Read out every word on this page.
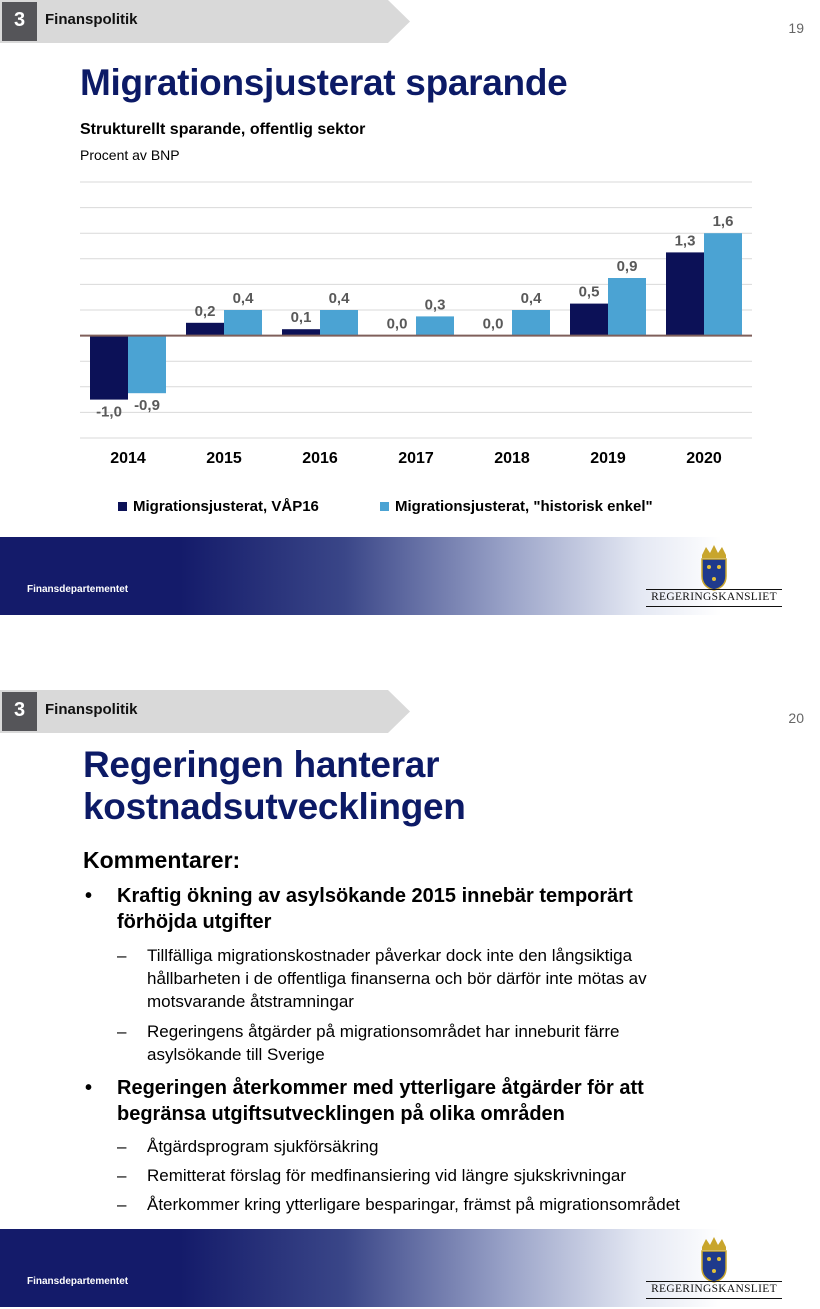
3	Finanspolitik	19
Migrationsjusterat sparande
Strukturellt sparande, offentlig sektor
Procent av BNP
-1,0 -0,9
2014
0,2
0,4
2015
0,1
0,4
2016
0,0
0,3
2017
0,0
0,4
2018
0,5
0,9
2019
1,3
1,6
2020
Migrationsjusterat, VÅP16	Migrationsjusterat, "historisk enkel"
Finansdepartementet
REGERINGSKANSLIET
3	Finanspolitik	20
Regeringen hanterar
kostnadsutvecklingen
Kommentarer:
• Kraftig ökning av asylsökande 2015 innebär temporärt
förhöjda utgifter
– Tillfälliga migrationskostnader påverkar dock inte den långsiktiga
hållbarheten i de offentliga finanserna och bör därför inte mötas av
motsvarande åtstramningar
– Regeringens åtgärder på migrationsområdet har inneburit färre
asylsökande till Sverige
• Regeringen återkommer med ytterligare åtgärder för att
begränsa utgiftsutvecklingen på olika områden
– Åtgärdsprogram sjukförsäkring
– Remitterat förslag för medfinansiering vid längre sjukskrivningar
– Återkommer kring ytterligare besparingar, främst på migrationsområdet
Finansdepartementet
REGERINGSKANSLIET
